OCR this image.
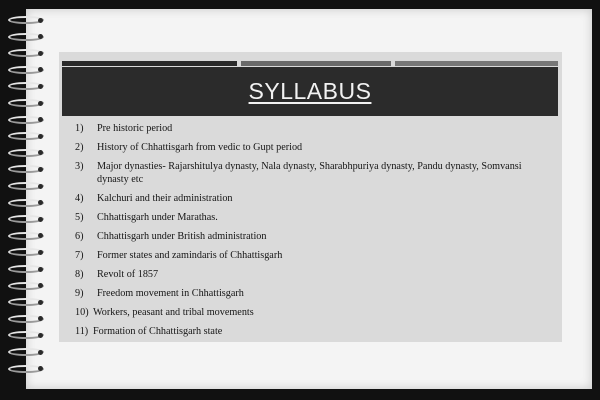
SYLLABUS
1)	Pre historic period
2)	History of Chhattisgarh from vedic to Gupt period
3)	Major dynasties- Rajarshitulya dynasty, Nala dynasty, Sharabhpuriya dynasty, Pandu dynasty, Somvansi dynasty etc
4)	Kalchuri and their administration
5)	Chhattisgarh under Marathas.
6)	Chhattisgarh under British administration
7)	Former states and zamindaris of Chhattisgarh
8)	Revolt of 1857
9)	Freedom movement in Chhattisgarh
10) Workers, peasant and tribal movements
11) Formation of Chhattisgarh state
